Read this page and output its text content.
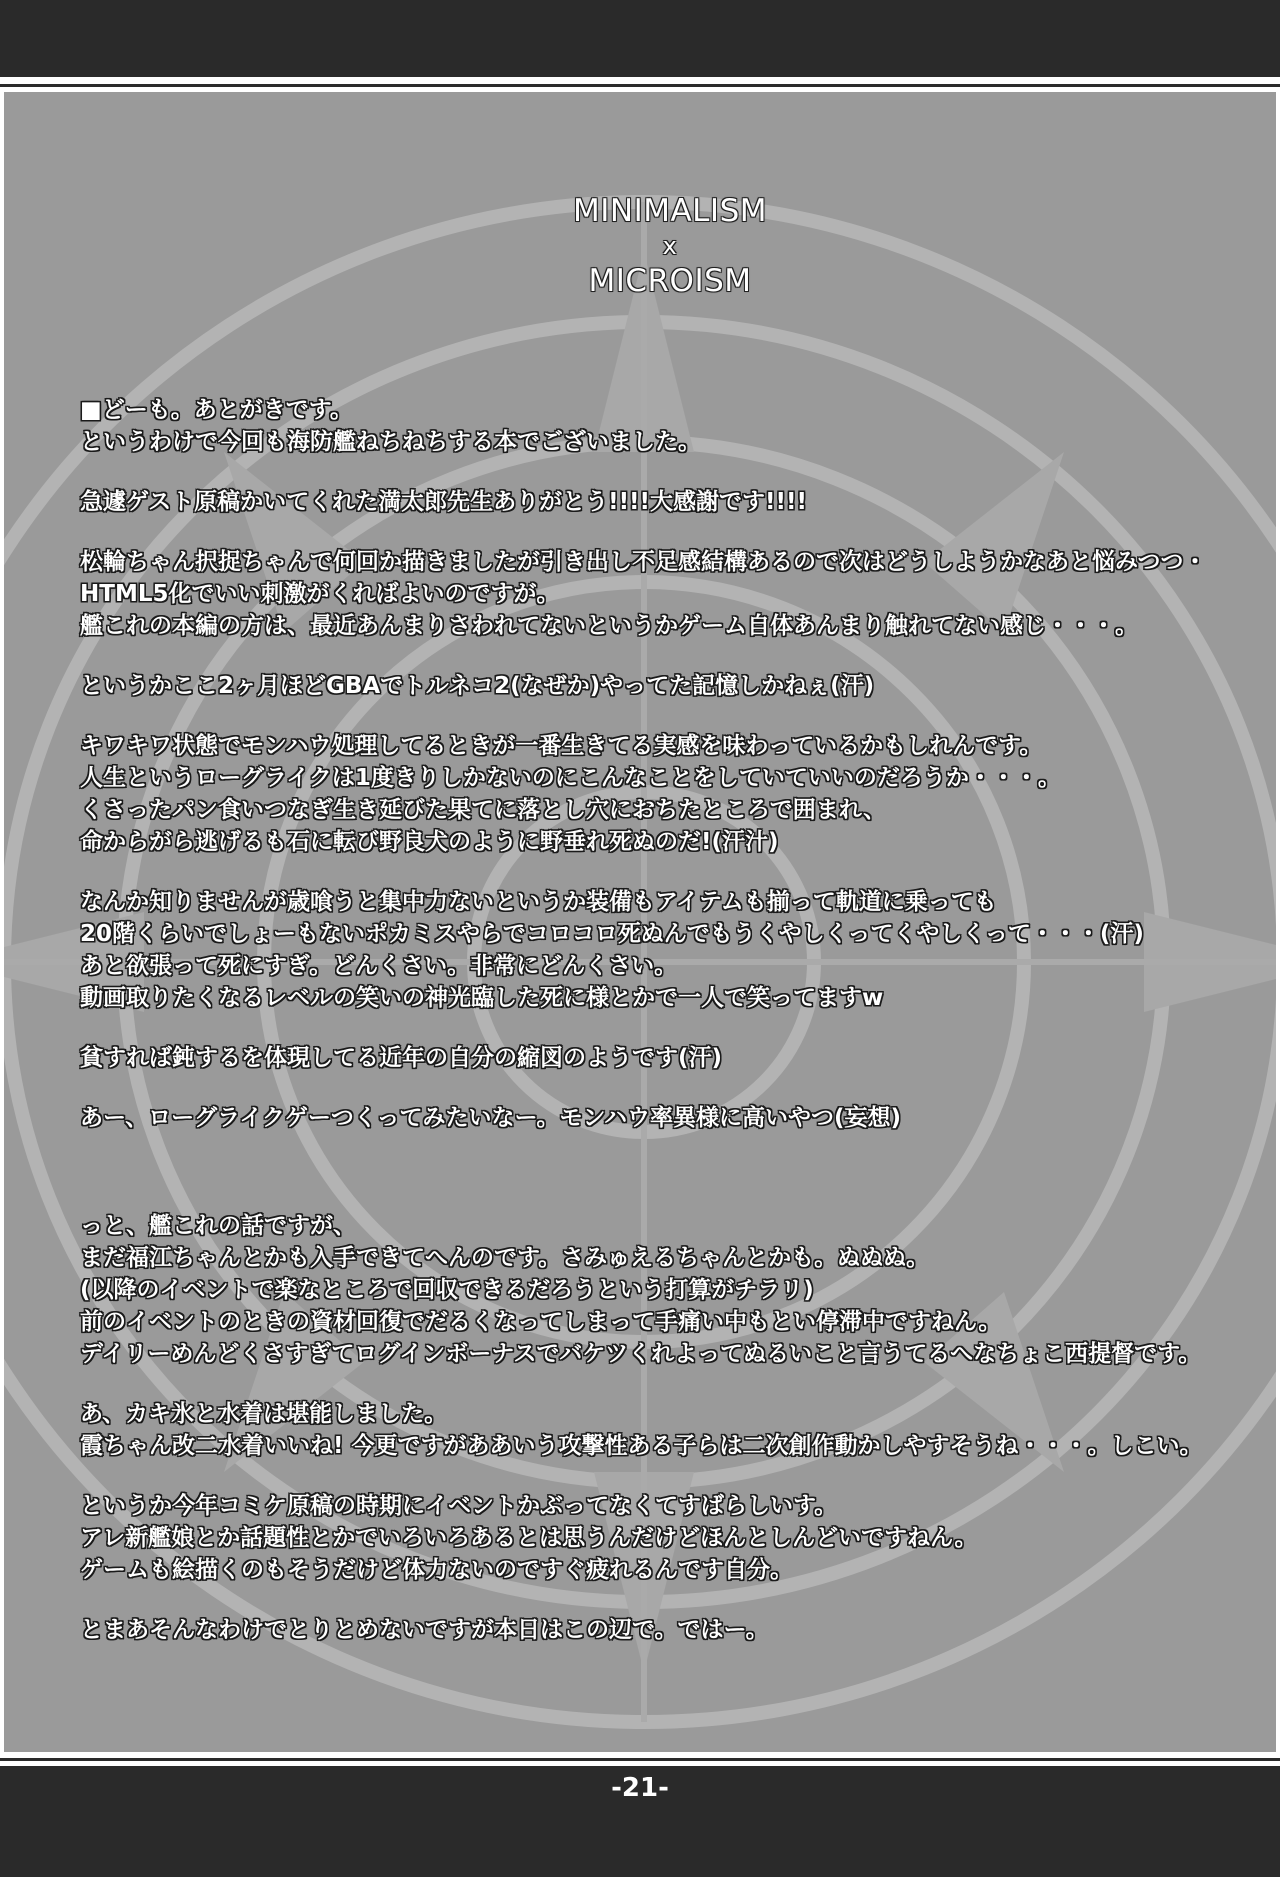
MINIMALISM
x
MICROISM
■どーも。あとがきです。
というわけで今回も海防艦ねちねちする本でございました。
急遽ゲスト原稿かいてくれた満太郎先生ありがとう!!!!大感謝です!!!!
松輪ちゃん択捉ちゃんで何回か描きましたが引き出し不足感結構あるので次はどうしようかなあと悩みつつ・
HTML5化でいい刺激がくればよいのですが。
艦これの本編の方は、最近あんまりさわれてないというかゲーム自体あんまり触れてない感じ・・・。
というかここ2ヶ月ほどGBAでトルネコ2(なぜか)やってた記憶しかねぇ(汗)
キワキワ状態でモンハウ処理してるときが一番生きてる実感を味わっているかもしれんです。
人生というローグライクは1度きりしかないのにこんなことをしていていいのだろうか・・・。
くさったパン食いつなぎ生き延びた果てに落とし穴におちたところで囲まれ、
命からがら逃げるも石に転び野良犬のように野垂れ死ぬのだ!(汗汁)
なんか知りませんが歳喰うと集中力ないというか装備もアイテムも揃って軌道に乗っても
20階くらいでしょーもないポカミスやらでコロコロ死ぬんでもうくやしくってくやしくって・・・(汗)
あと欲張って死にすぎ。どんくさい。非常にどんくさい。
動画取りたくなるレベルの笑いの神光臨した死に様とかで一人で笑ってますw
貧すれば鈍するを体現してる近年の自分の縮図のようです(汗)
あー、ローグライクゲーつくってみたいなー。モンハウ率異様に高いやつ(妄想)
っと、艦これの話ですが、
まだ福江ちゃんとかも入手できてへんのです。さみゅえるちゃんとかも。ぬぬぬ。
(以降のイベントで楽なところで回収できるだろうという打算がチラリ)
前のイベントのときの資材回復でだるくなってしまって手痛い中もとい停滞中ですねん。
デイリーめんどくさすぎてログインボーナスでバケツくれよってぬるいこと言うてるへなちょこ西提督です。
あ、カキ氷と水着は堪能しました。
霞ちゃん改二水着いいね! 今更ですがああいう攻撃性ある子らは二次創作動かしやすそうね・・・。しこい。
というか今年コミケ原稿の時期にイベントかぶってなくてすばらしいす。
アレ新艦娘とか話題性とかでいろいろあるとは思うんだけどほんとしんどいですねん。
ゲームも絵描くのもそうだけど体力ないのですぐ疲れるんです自分。
とまあそんなわけでとりとめないですが本日はこの辺で。ではー。
-21-
